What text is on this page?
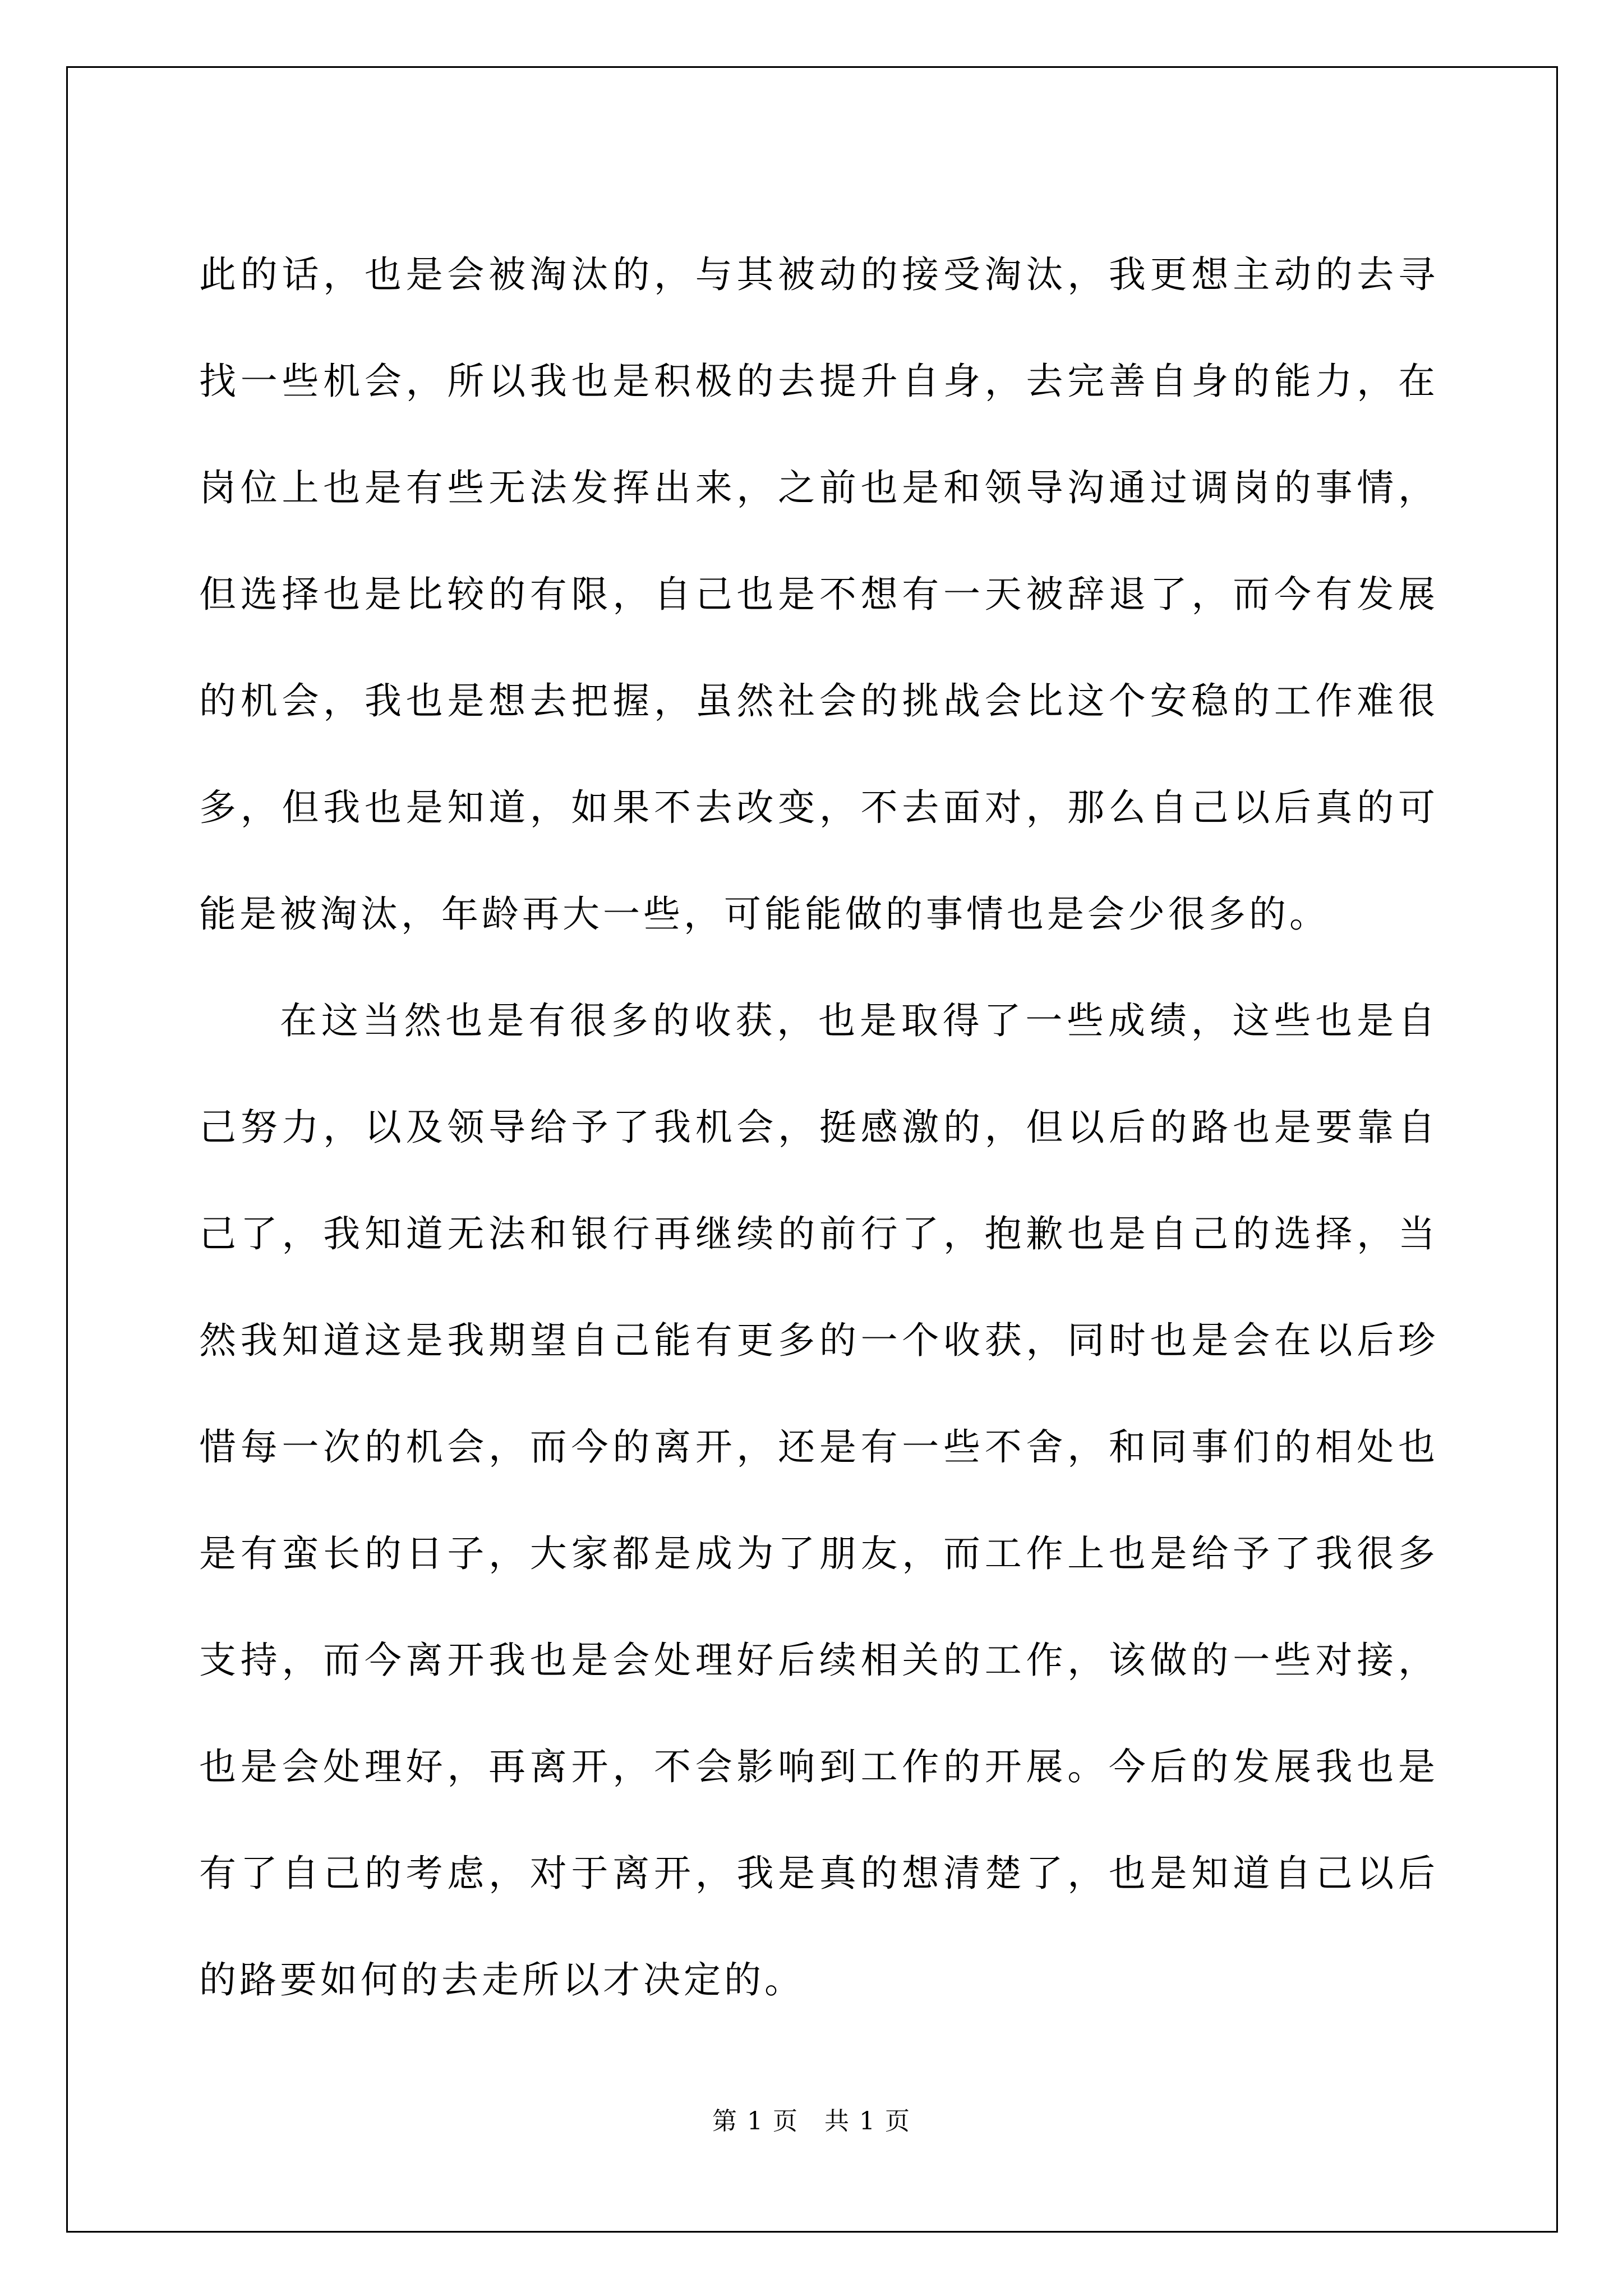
此的话，也是会被淘汰的，与其被动的接受淘汰，我更想主动的去寻找一些机会，所以我也是积极的去提升自身，去完善自身的能力，在岗位上也是有些无法发挥出来，之前也是和领导沟通过调岗的事情，但选择也是比较的有限，自己也是不想有一天被辞退了，而今有发展的机会，我也是想去把握，虽然社会的挑战会比这个安稳的工作难很多，但我也是知道，如果不去改变，不去面对，那么自己以后真的可能是被淘汰，年龄再大一些，可能能做的事情也是会少很多的。

在这当然也是有很多的收获，也是取得了一些成绩，这些也是自己努力，以及领导给予了我机会，挺感激的，但以后的路也是要靠自己了，我知道无法和银行再继续的前行了，抱歉也是自己的选择，当然我知道这是我期望自己能有更多的一个收获，同时也是会在以后珍惜每一次的机会，而今的离开，还是有一些不舍，和同事们的相处也是有蛮长的日子，大家都是成为了朋友，而工作上也是给予了我很多支持，而今离开我也是会处理好后续相关的工作，该做的一些对接，也是会处理好，再离开，不会影响到工作的开展。今后的发展我也是有了自己的考虑，对于离开，我是真的想清楚了，也是知道自己以后的路要如何的去走所以才决定的。

第 1 页　共 1 页
